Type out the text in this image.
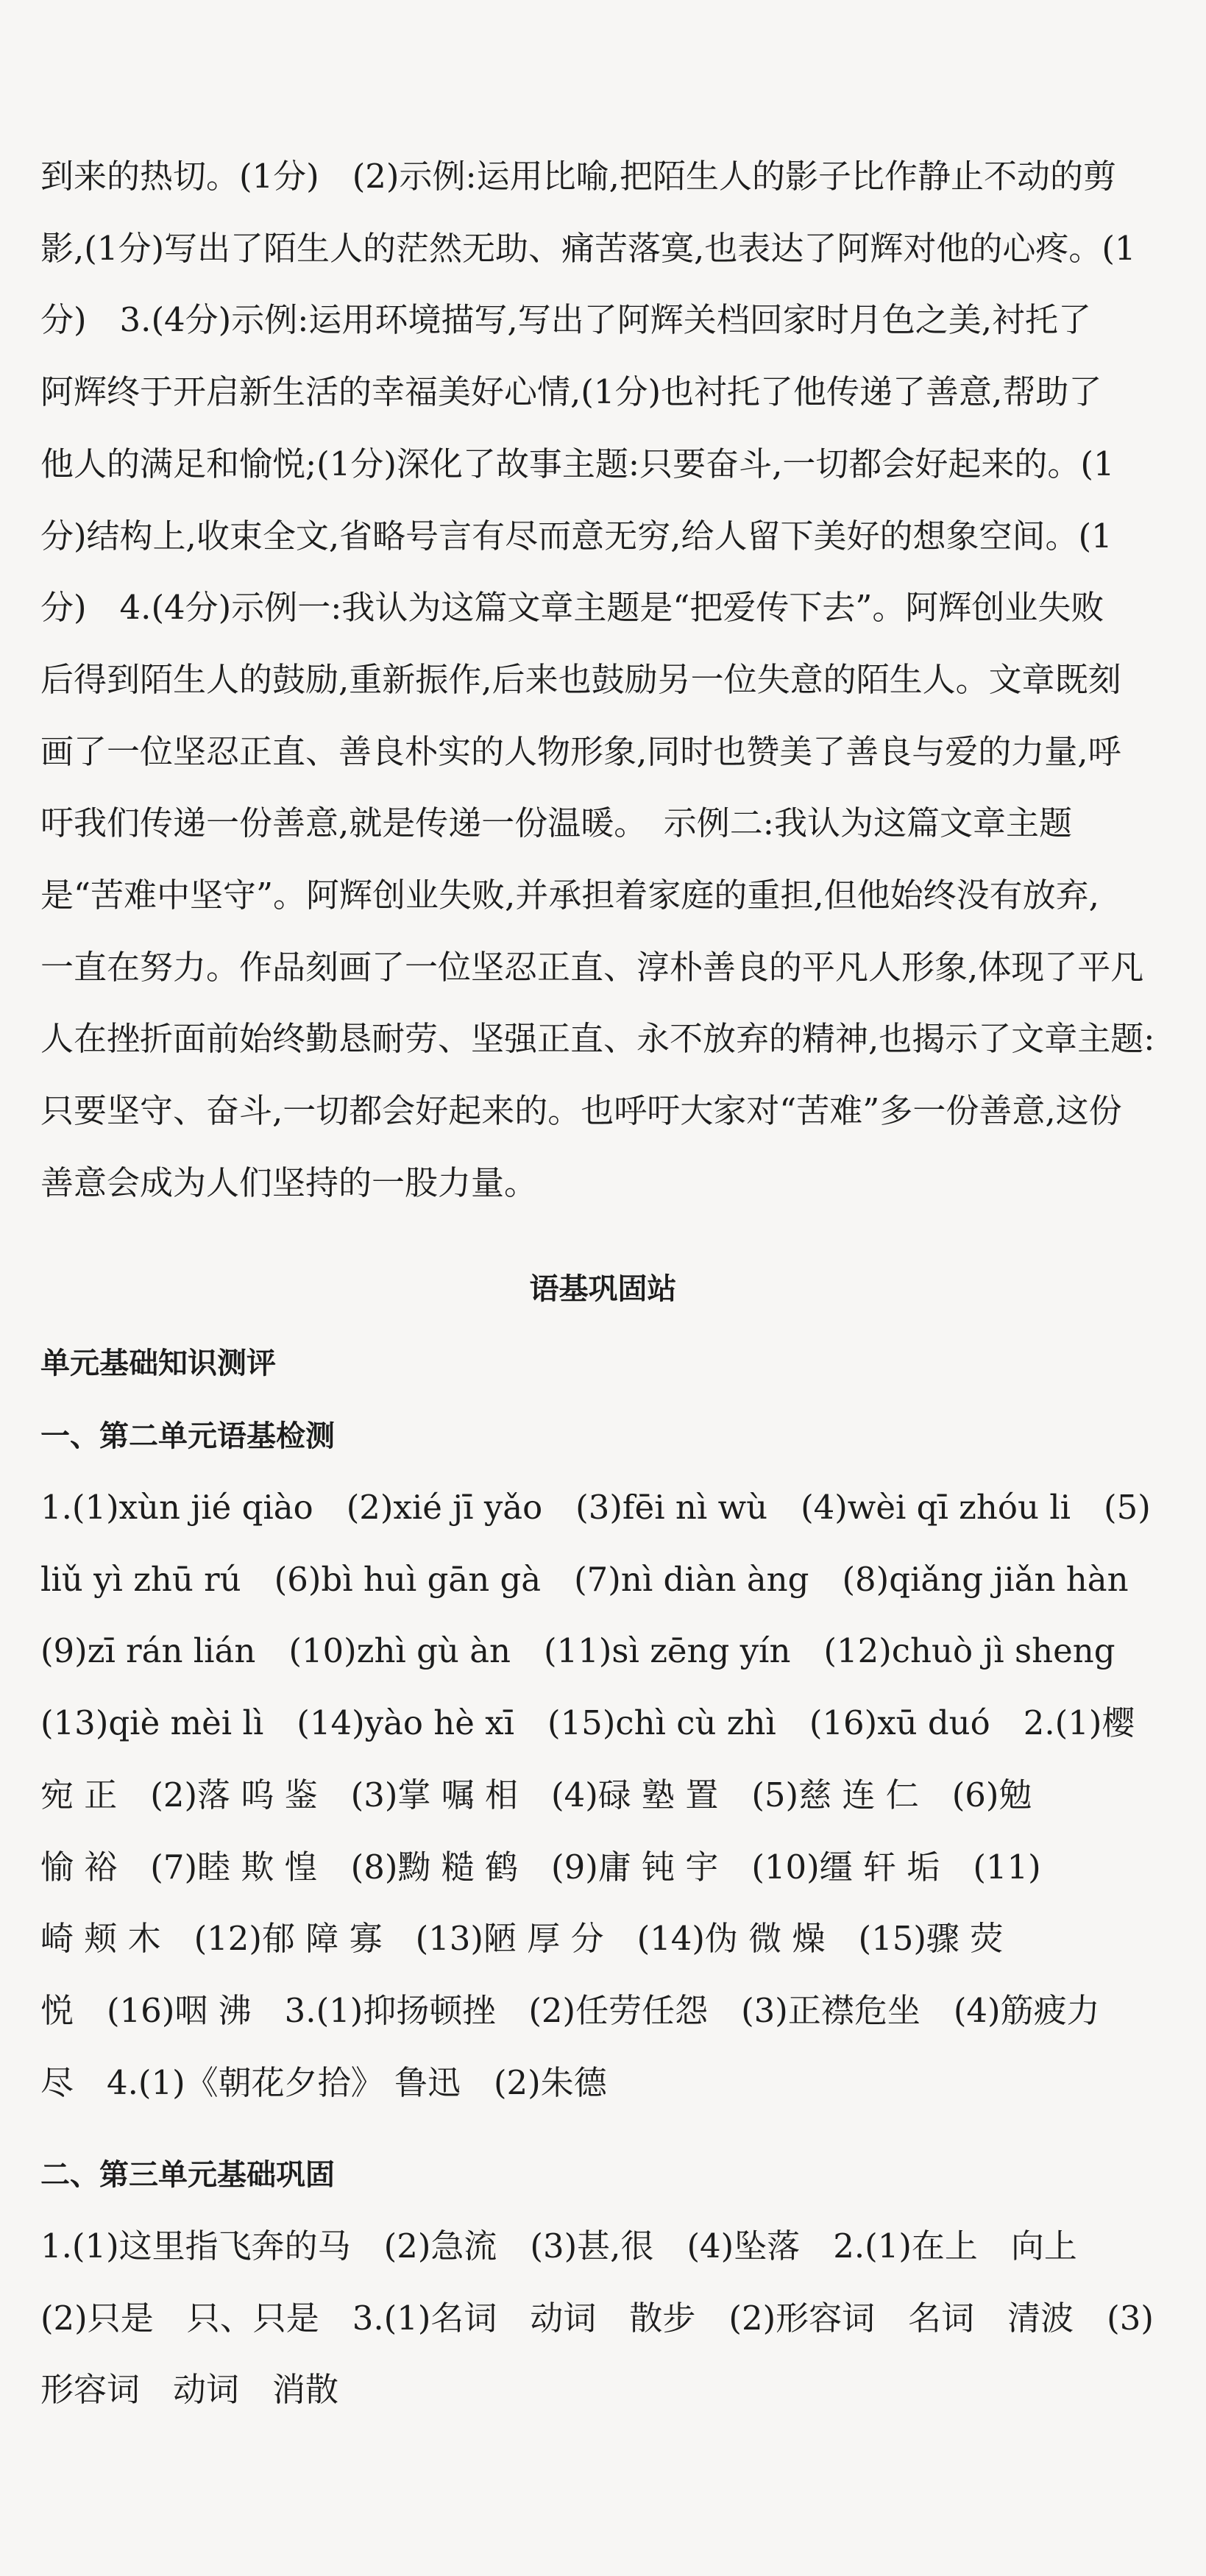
到来的热切。(1分)　(2)示例:运用比喻,把陌生人的影子比作静止不动的剪
影,(1分)写出了陌生人的茫然无助、痛苦落寞,也表达了阿辉对他的心疼。(1
分)　3.(4分)示例:运用环境描写,写出了阿辉关档回家时月色之美,衬托了
阿辉终于开启新生活的幸福美好心情,(1分)也衬托了他传递了善意,帮助了
他人的满足和愉悦;(1分)深化了故事主题:只要奋斗,一切都会好起来的。(1
分)结构上,收束全文,省略号言有尽而意无穷,给人留下美好的想象空间。(1
分)　4.(4分)示例一:我认为这篇文章主题是“把爱传下去”。阿辉创业失败
后得到陌生人的鼓励,重新振作,后来也鼓励另一位失意的陌生人。文章既刻
画了一位坚忍正直、善良朴实的人物形象,同时也赞美了善良与爱的力量,呼
吁我们传递一份善意,就是传递一份温暖。　示例二:我认为这篇文章主题
是“苦难中坚守”。阿辉创业失败,并承担着家庭的重担,但他始终没有放弃,
一直在努力。作品刻画了一位坚忍正直、淳朴善良的平凡人形象,体现了平凡
人在挫折面前始终勤恳耐劳、坚强正直、永不放弃的精神,也揭示了文章主题:
只要坚守、奋斗,一切都会好起来的。也呼吁大家对“苦难”多一份善意,这份
善意会成为人们坚持的一股力量。
语基巩固站
单元基础知识测评
一、第二单元语基检测
1.(1)xùn jié qiào　(2)xié jī yǎo　(3)fēi nì wù　(4)wèi qī zhóu li　(5)
liǔ yì zhū rú　(6)bì huì gān gà　(7)nì diàn àng　(8)qiǎng jiǎn hàn
(9)zī rán lián　(10)zhì gù àn　(11)sì zēng yín　(12)chuò jì sheng
(13)qiè mèi lì　(14)yào hè xī　(15)chì cù zhì　(16)xū duó　2.(1)樱
宛 正　(2)落 呜 鉴　(3)掌 嘱 相　(4)碌 塾 置　(5)慈 连 仁　(6)勉
愉 裕　(7)睦 欺 惶　(8)黝 糙 鹤　(9)庸 钝 宇　(10)缰 轩 垢　(11)
崎 颊 木　(12)郁 障 寡　(13)陋 厚 分　(14)伪 微 燥　(15)骤 荧
悦　(16)咽 沸　3.(1)抑扬顿挫　(2)任劳任怨　(3)正襟危坐　(4)筋疲力
尽　4.(1)《朝花夕拾》 鲁迅　(2)朱德
二、第三单元基础巩固
1.(1)这里指飞奔的马　(2)急流　(3)甚,很　(4)坠落　2.(1)在上　向上
(2)只是　只、只是　3.(1)名词　动词　散步　(2)形容词　名词　清波　(3)
形容词　动词　消散
